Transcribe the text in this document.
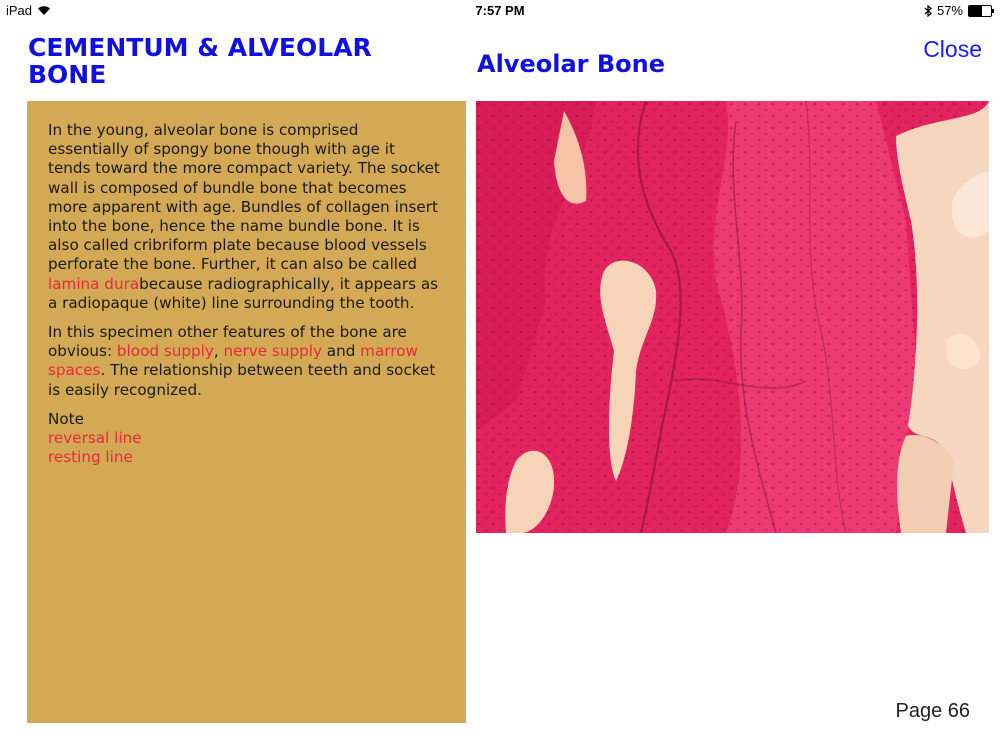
iPad	7:57 PM	57%
CEMENTUM & ALVEOLAR BONE	Alveolar Bone
Close

In the young, alveolar bone is comprised essentially of spongy bone though with age it tends toward the more compact variety. The socket wall is composed of bundle bone that becomes more apparent with age. Bundles of collagen insert into the bone, hence the name bundle bone. It is also called cribriform plate because blood vessels perforate the bone. Further, it can also be called lamina durabecause radiographically, it appears as a radiopaque (white) line surrounding the tooth.

In this specimen other features of the bone are obvious: blood supply, nerve supply and marrow spaces. The relationship between teeth and socket is easily recognized.

Note
reversal line
resting line
Page 66
